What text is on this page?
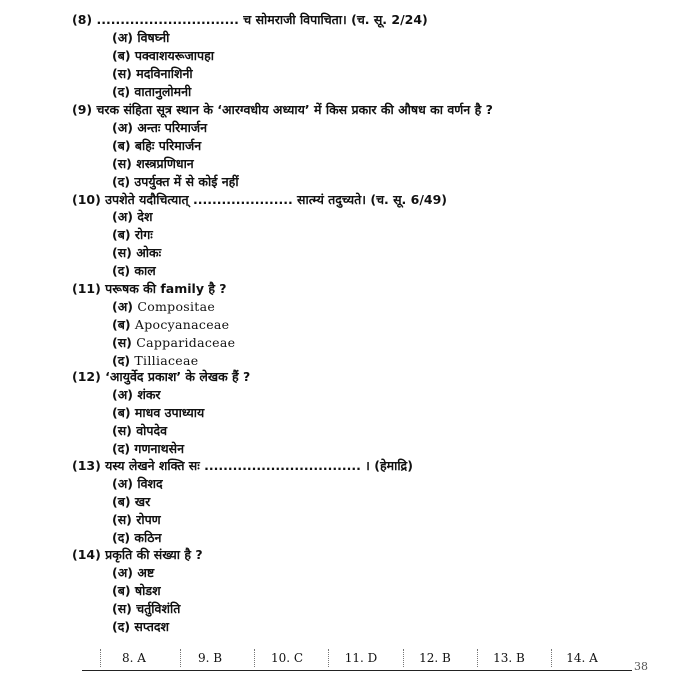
(8) .............................. च सोमराजी विपाचिता। (च. सू. 2/24)
(अ) विषघ्नी
(ब) पक्वाशयरूजापहा
(स) मदविनाशिनी
(द) वातानुलोमनी
(9) चरक संहिता सूत्र स्थान के ‘आरग्वधीय अध्याय’ में किस प्रकार की औषध का वर्णन है ?
(अ) अन्तः परिमार्जन
(ब) बहिः परिमार्जन
(स) शस्त्रप्रणिधान
(द) उपर्युक्त में से कोई नहीं
(10) उपशेते यदौचित्यात् ..................... सात्म्यं तदुच्यते। (च. सू. 6/49)
(अ) देश
(ब) रोगः
(स) ओकः
(द) काल
(11) परूषक की family है ?
(अ) Compositae
(ब) Apocyanaceae
(स) Capparidaceae
(द) Tilliaceae
(12) ‘आयुर्वेद प्रकाश’ के लेखक हैं ?
(अ) शंकर
(ब) माधव उपाध्याय
(स) वोपदेव
(द) गणनाथसेन
(13) यस्य लेखने शक्ति सः ................................. । (हेमाद्रि)
(अ) विशद
(ब) खर
(स) रोपण
(द) कठिन
(14) प्रकृति की संख्या है ?
(अ) अष्ट
(ब) षोडश
(स) चर्तुविशंति
(द) सप्तदश
8. A	9. B	10. C	11. D	12. B	13. B	14. A
38
